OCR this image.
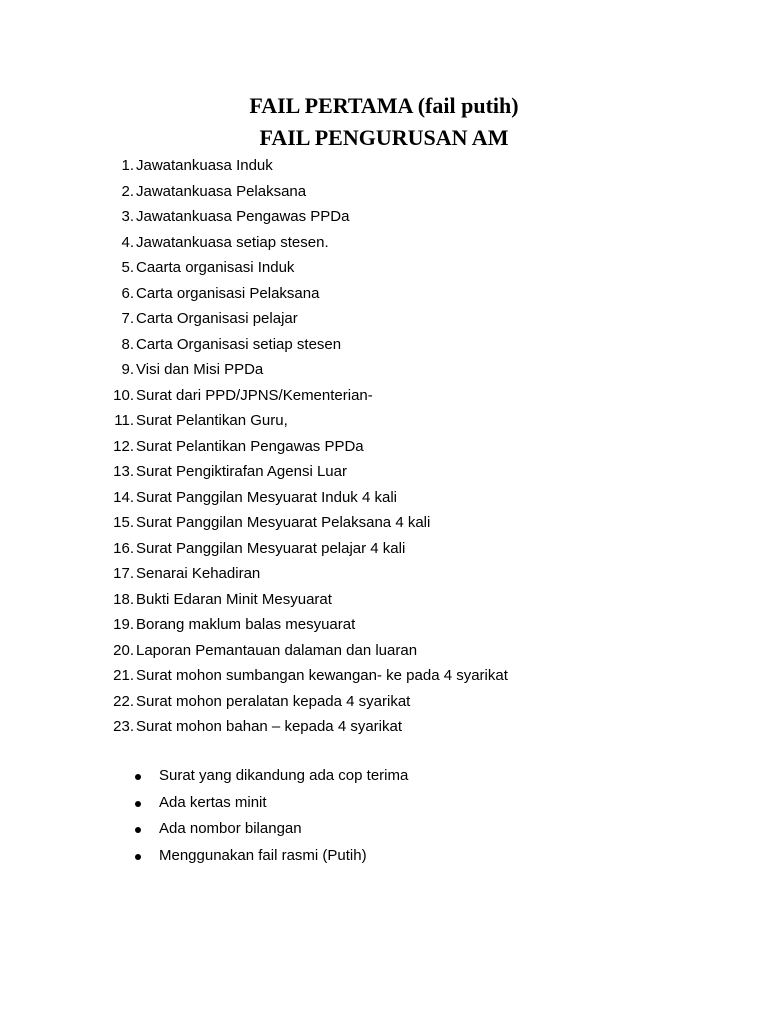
FAIL PERTAMA (fail putih)
FAIL PENGURUSAN AM
1. Jawatankuasa Induk
2. Jawatankuasa Pelaksana
3. Jawatankuasa Pengawas PPDa
4. Jawatankuasa setiap stesen.
5. Caarta organisasi Induk
6. Carta organisasi Pelaksana
7. Carta Organisasi pelajar
8. Carta Organisasi setiap stesen
9. Visi dan Misi PPDa
10. Surat dari PPD/JPNS/Kementerian-
11. Surat Pelantikan Guru,
12. Surat Pelantikan Pengawas PPDa
13. Surat Pengiktirafan Agensi Luar
14. Surat Panggilan Mesyuarat Induk 4 kali
15. Surat Panggilan Mesyuarat Pelaksana 4 kali
16. Surat Panggilan Mesyuarat pelajar 4 kali
17. Senarai Kehadiran
18. Bukti Edaran Minit Mesyuarat
19. Borang maklum balas mesyuarat
20. Laporan Pemantauan dalaman dan luaran
21. Surat mohon sumbangan kewangan- ke pada 4 syarikat
22. Surat mohon peralatan kepada 4 syarikat
23. Surat mohon bahan – kepada 4 syarikat
Surat yang dikandung ada cop terima
Ada kertas minit
Ada nombor bilangan
Menggunakan fail rasmi (Putih)
